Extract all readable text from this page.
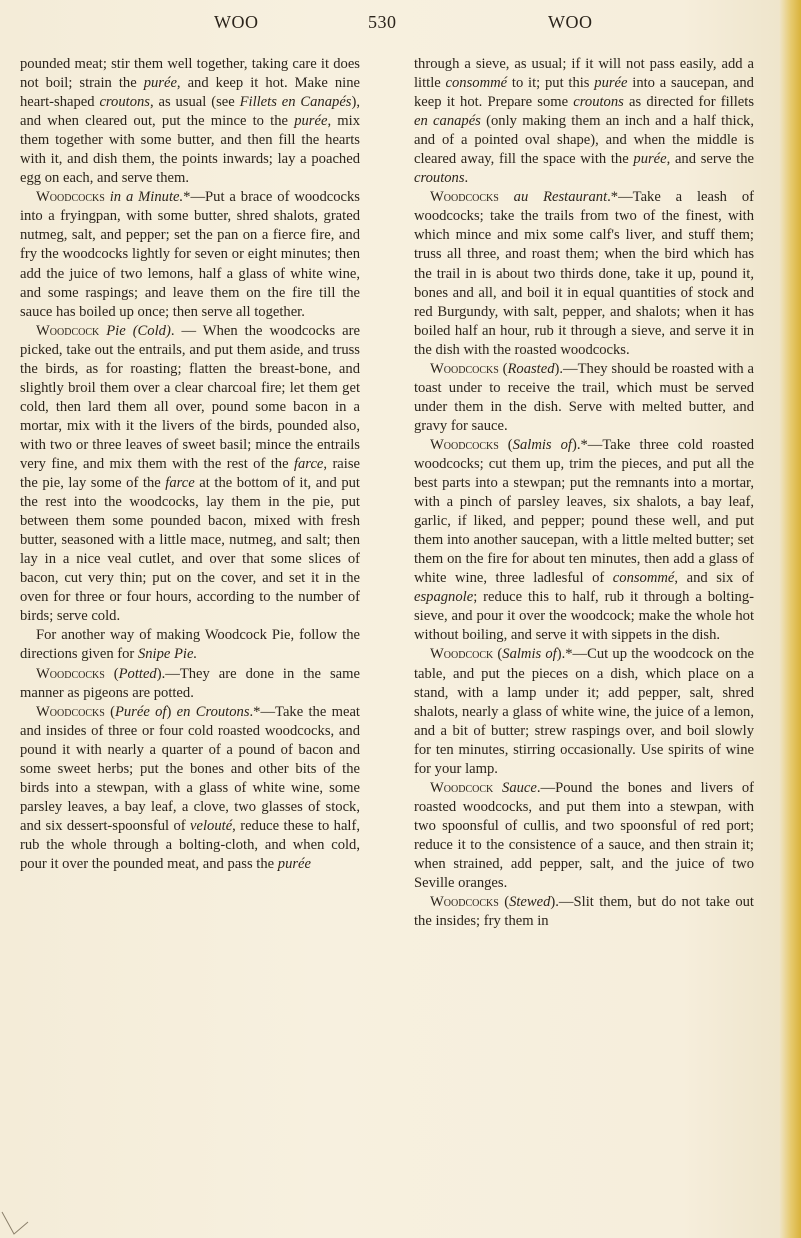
WOO	530	WOO

pounded meat; stir them well together, taking care it does not boil; strain the purée, and keep it hot. Make nine heart-shaped croutons, as usual (see Fillets en Canapés), and when cleared out, put the mince to the purée, mix them together with some butter, and then fill the hearts with it, and dish them, the points inwards; lay a poached egg on each, and serve them.

Woodcocks in a Minute.*—Put a brace of woodcocks into a fryingpan, with some butter, shred shalots, grated nutmeg, salt, and pepper; set the pan on a fierce fire, and fry the woodcocks lightly for seven or eight minutes; then add the juice of two lemons, half a glass of white wine, and some raspings; and leave them on the fire till the sauce has boiled up once; then serve all together.

Woodcock Pie (Cold). — When the woodcocks are picked, take out the entrails, and put them aside, and truss the birds, as for roasting; flatten the breast-bone, and slightly broil them over a clear charcoal fire; let them get cold, then lard them all over, pound some bacon in a mortar, mix with it the livers of the birds, pounded also, with two or three leaves of sweet basil; mince the entrails very fine, and mix them with the rest of the farce, raise the pie, lay some of the farce at the bottom of it, and put the rest into the woodcocks, lay them in the pie, put between them some pounded bacon, mixed with fresh butter, seasoned with a little mace, nutmeg, and salt; then lay in a nice veal cutlet, and over that some slices of bacon, cut very thin; put on the cover, and set it in the oven for three or four hours, according to the number of birds; serve cold.

For another way of making Woodcock Pie, follow the directions given for Snipe Pie.

Woodcocks (Potted).—They are done in the same manner as pigeons are potted.

Woodcocks (Purée of) en Croutons.*—Take the meat and insides of three or four cold roasted woodcocks, and pound it with nearly a quarter of a pound of bacon and some sweet herbs; put the bones and other bits of the birds into a stewpan, with a glass of white wine, some parsley leaves, a bay leaf, a clove, two glasses of stock, and six dessert-spoonsful of velouté, reduce these to half, rub the whole through a bolting-cloth, and when cold, pour it over the pounded meat, and pass the purée

through a sieve, as usual; if it will not pass easily, add a little consommé to it; put this purée into a saucepan, and keep it hot. Prepare some croutons as directed for fillets en canapés (only making them an inch and a half thick, and of a pointed oval shape), and when the middle is cleared away, fill the space with the purée, and serve the croutons.

Woodcocks au Restaurant.*—Take a leash of woodcocks; take the trails from two of the finest, with which mince and mix some calf's liver, and stuff them; truss all three, and roast them; when the bird which has the trail in is about two thirds done, take it up, pound it, bones and all, and boil it in equal quantities of stock and red Burgundy, with salt, pepper, and shalots; when it has boiled half an hour, rub it through a sieve, and serve it in the dish with the roasted woodcocks.

Woodcocks (Roasted).—They should be roasted with a toast under to receive the trail, which must be served under them in the dish. Serve with melted butter, and gravy for sauce.

Woodcocks (Salmis of).*—Take three cold roasted woodcocks; cut them up, trim the pieces, and put all the best parts into a stewpan; put the remnants into a mortar, with a pinch of parsley leaves, six shalots, a bay leaf, garlic, if liked, and pepper; pound these well, and put them into another saucepan, with a little melted butter; set them on the fire for about ten minutes, then add a glass of white wine, three ladlesful of consommé, and six of espagnole; reduce this to half, rub it through a bolting-sieve, and pour it over the woodcock; make the whole hot without boiling, and serve it with sippets in the dish.

Woodcock (Salmis of).*—Cut up the woodcock on the table, and put the pieces on a dish, which place on a stand, with a lamp under it; add pepper, salt, shred shalots, nearly a glass of white wine, the juice of a lemon, and a bit of butter; strew raspings over, and boil slowly for ten minutes, stirring occasionally. Use spirits of wine for your lamp.

Woodcock Sauce.—Pound the bones and livers of roasted woodcocks, and put them into a stewpan, with two spoonsful of cullis, and two spoonsful of red port; reduce it to the consistence of a sauce, and then strain it; when strained, add pepper, salt, and the juice of two Seville oranges.

Woodcocks (Stewed).—Slit them, but do not take out the insides; fry them in
